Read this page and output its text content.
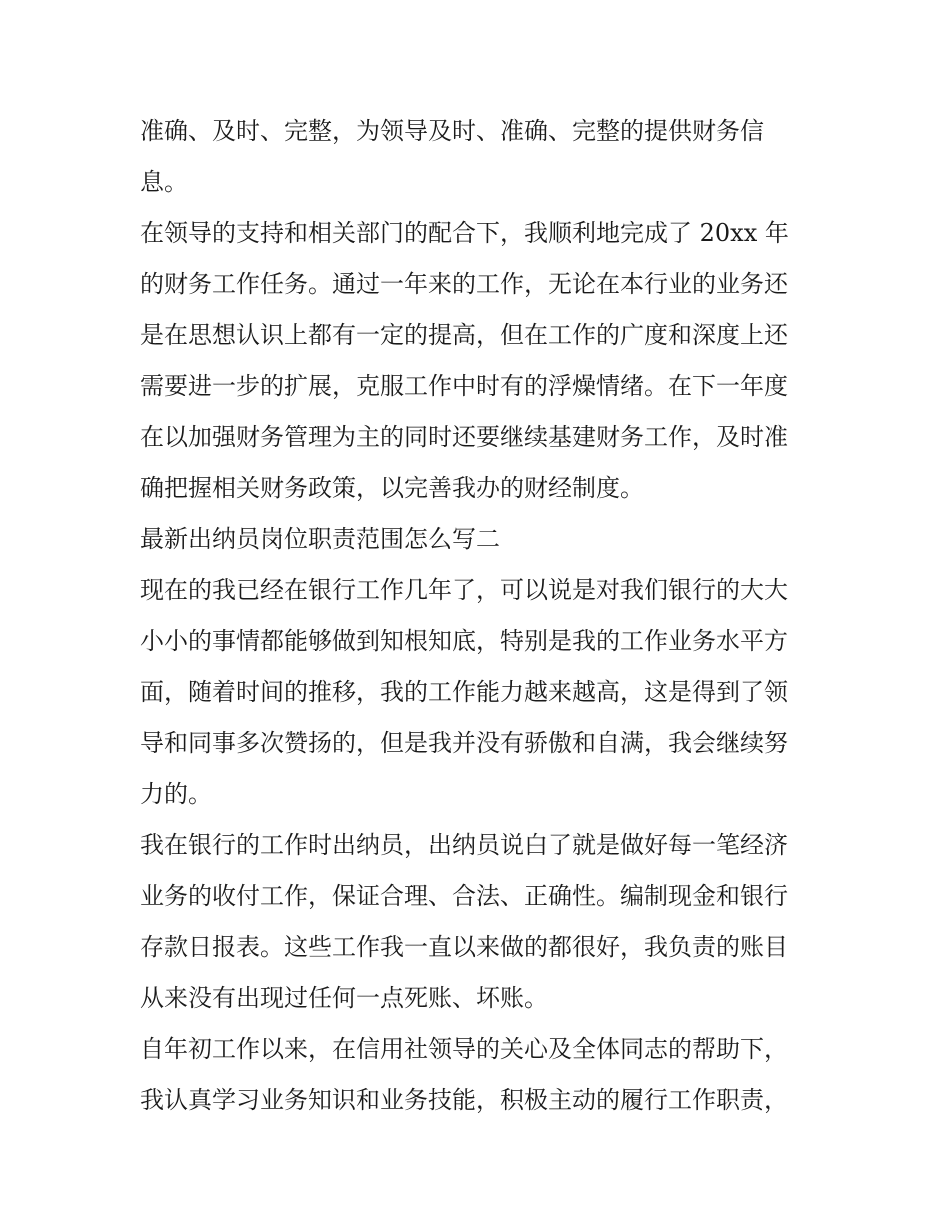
准确、及时、完整，为领导及时、准确、完整的提供财务信
息。
在领导的支持和相关部门的配合下，我顺利地完成了 20xx 年
的财务工作任务。通过一年来的工作，无论在本行业的业务还
是在思想认识上都有一定的提高，但在工作的广度和深度上还
需要进一步的扩展，克服工作中时有的浮燥情绪。在下一年度
在以加强财务管理为主的同时还要继续基建财务工作，及时准
确把握相关财务政策，以完善我办的财经制度。
最新出纳员岗位职责范围怎么写二
现在的我已经在银行工作几年了，可以说是对我们银行的大大
小小的事情都能够做到知根知底，特别是我的工作业务水平方
面，随着时间的推移，我的工作能力越来越高，这是得到了领
导和同事多次赞扬的，但是我并没有骄傲和自满，我会继续努
力的。
我在银行的工作时出纳员，出纳员说白了就是做好每一笔经济
业务的收付工作，保证合理、合法、正确性。编制现金和银行
存款日报表。这些工作我一直以来做的都很好，我负责的账目
从来没有出现过任何一点死账、坏账。
自年初工作以来，在信用社领导的关心及全体同志的帮助下，
我认真学习业务知识和业务技能，积极主动的履行工作职责，
